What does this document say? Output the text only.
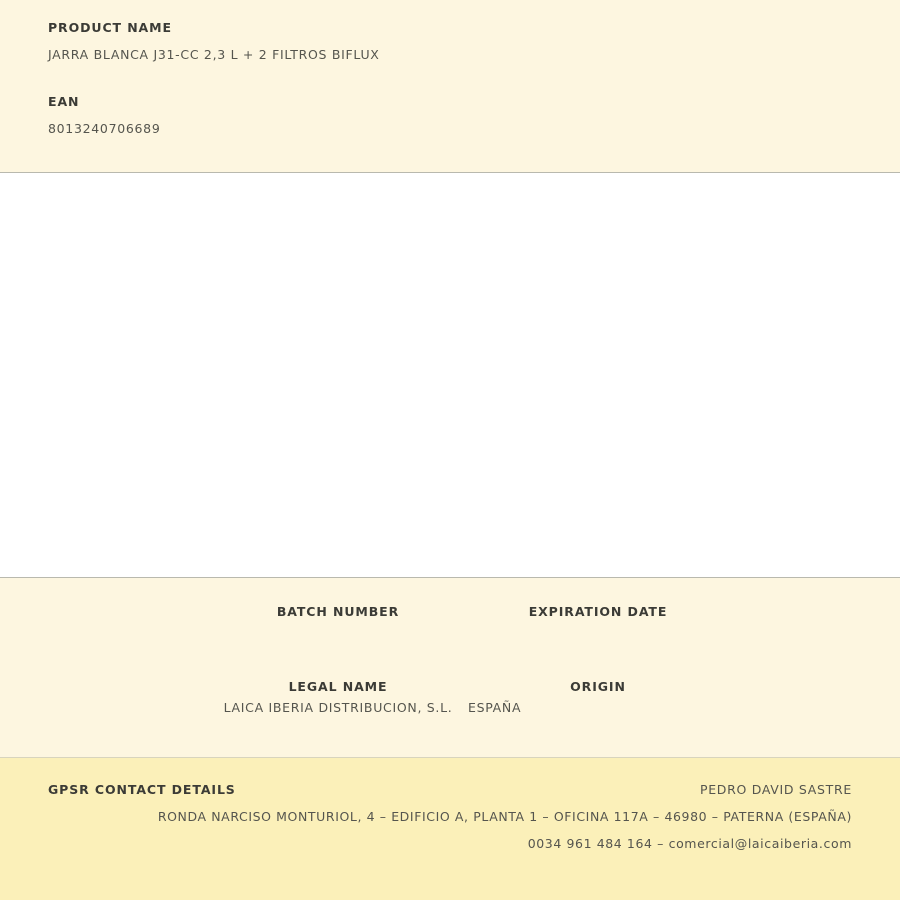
PRODUCT NAME

JARRA BLANCA J31-CC 2,3 L + 2 FILTROS BIFLUX

EAN

8013240706689

BATCH NUMBER	EXPIRATION DATE

LEGAL NAME

LAICA IBERIA DISTRIBUCION, S.L.

ORIGIN

ESPAÑA

GPSR CONTACT DETAILS	PEDRO DAVID SASTRE

RONDA NARCISO MONTURIOL, 4 – EDIFICIO A, PLANTA 1 – OFICINA 117A – 46980 – PATERNA (ESPAÑA)

0034 961 484 164 – comercial@laicaiberia.com
